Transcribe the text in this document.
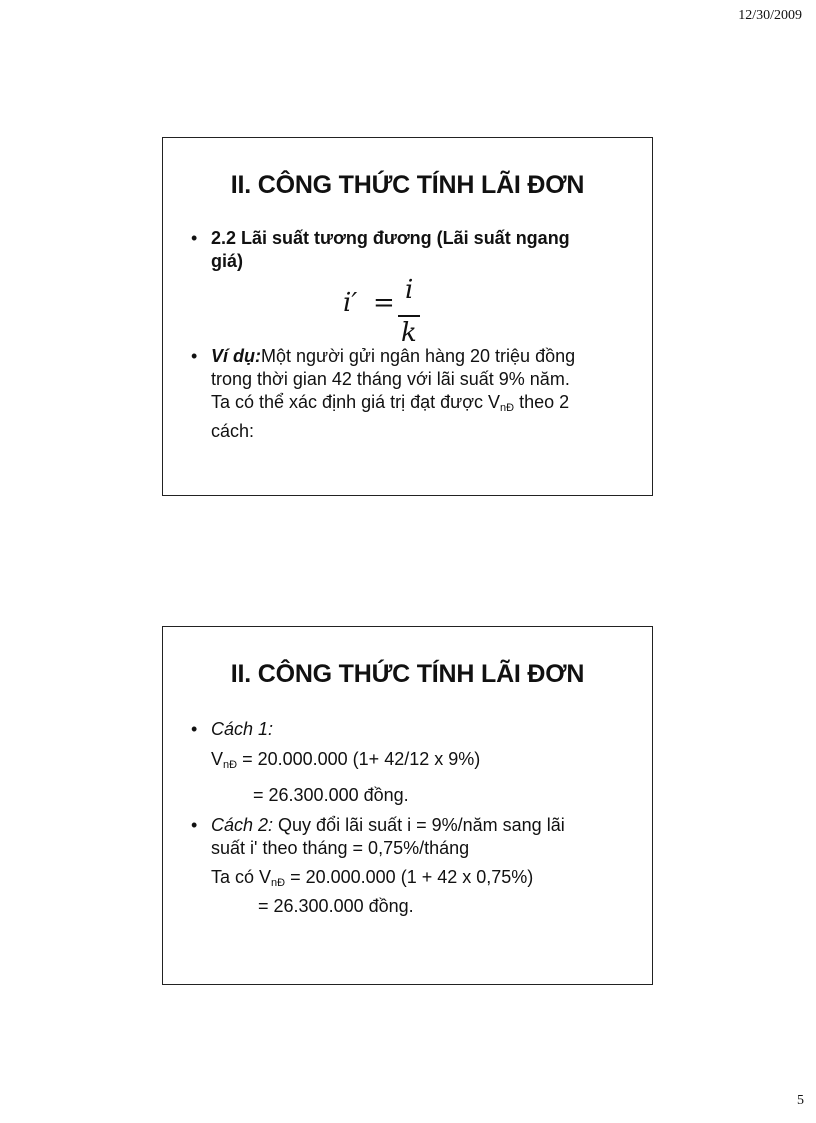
12/30/2009
II. CÔNG THỨC TÍNH LÃI ĐƠN
• 2.2 Lãi suất tương đương (Lãi suất ngang
giá)
i′ = i
k
• Ví dụ:Một người gửi ngân hàng 20 triệu đồng
trong thời gian 42 tháng với lãi suất 9% năm.
Ta có thể xác định giá trị đạt được $V_{nĐ}$ theo 2
cách:
II. CÔNG THỨC TÍNH LÃI ĐƠN
• Cách 1:
$V_{nĐ} = 20.000.000$ (1+ 42/12 x 9%)
= 26.300.000 đồng.
• Cách 2: Quy đổi lãi suất i = 9%/năm sang lãi
suất i' theo tháng = 0,75%/tháng
Ta có $V_{nĐ} = 20.000.000$ (1 + 42 x 0,75%)
= 26.300.000 đồng.
5
